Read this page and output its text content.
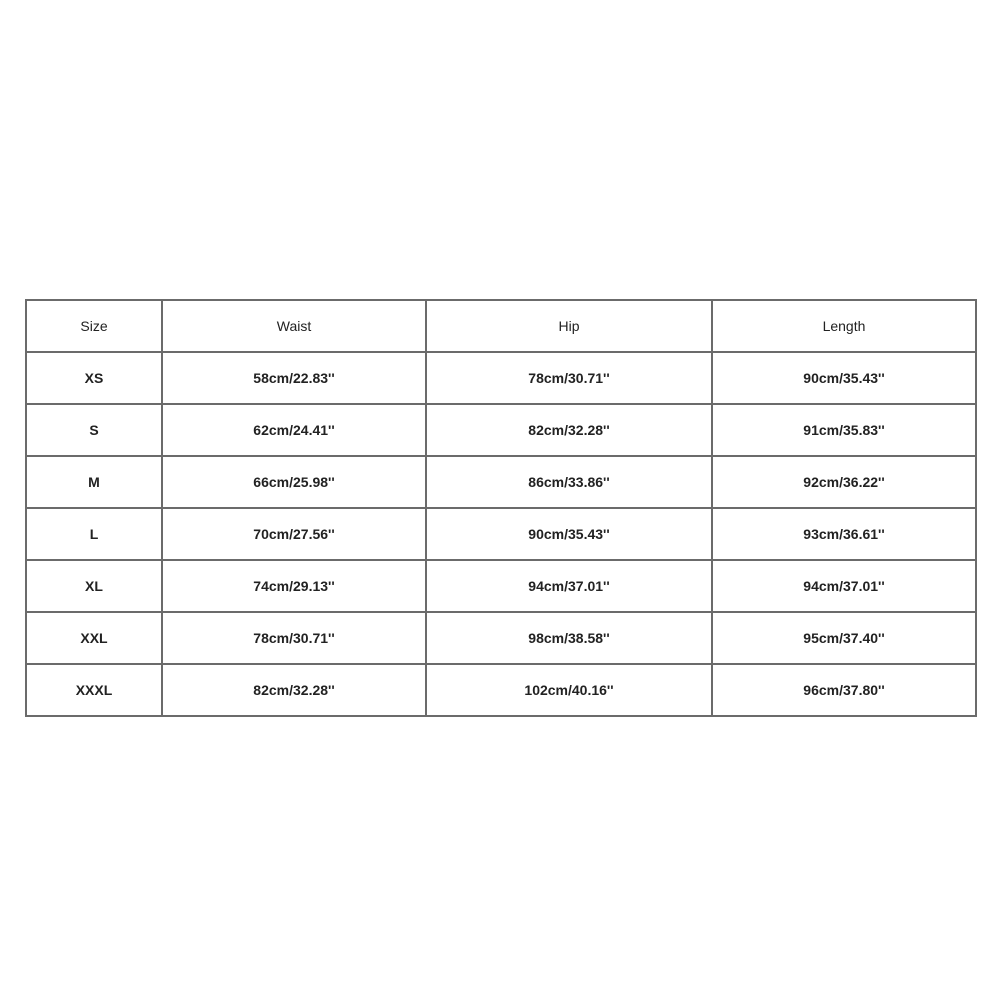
Size	Waist	Hip	Length
XS	58cm/22.83''	78cm/30.71''	90cm/35.43''
S	62cm/24.41''	82cm/32.28''	91cm/35.83''
M	66cm/25.98''	86cm/33.86''	92cm/36.22''
L	70cm/27.56''	90cm/35.43''	93cm/36.61''
XL	74cm/29.13''	94cm/37.01''	94cm/37.01''
XXL	78cm/30.71''	98cm/38.58''	95cm/37.40''
XXXL	82cm/32.28''	102cm/40.16''	96cm/37.80''
